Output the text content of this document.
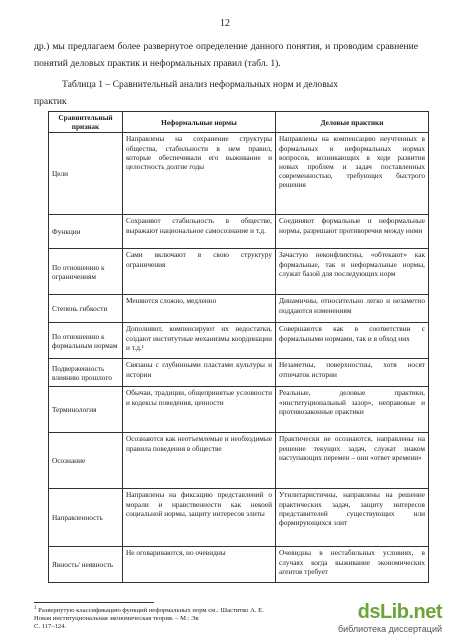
12
др.) мы предлагаем более развернутое определение данного понятия, и проводим сравнение понятий деловых практик и неформальных правил (табл. 1).
Таблица 1 – Сравнительный анализ неформальных норм и деловых
практик
Сравнительный признак	Неформальные нормы	Деловые практики
Цели	Направлены на сохранение структуры общества, стабильности в нем правил, которые обеспечивали его выживание и целостность долгие годы	Направлены на компенсацию неучтенных в формальных и неформальных нормах вопросов, возникающих в ходе развития новых проблем и задач поставленных современностью, требующих быстрого решения
Функции	Сохраняют стабильность в обществе, выражают национальное самосознание и т.д.	Соединяют формальные и неформальные нормы, разрешают противоречия между ними
По отношению к ограничениям	Сами включают в свою структуру ограничения	Зачастую неконфликтны, «обтекают» как формальные, так и неформальные нормы, служат базой для последующих норм
Степень гибкости	Меняются сложно, медленно	Динамичны, относительно легко и незаметно поддаются изменениям
По отношению к формальным нормам	Дополняют, компенсируют их недостатки, создают институтные механизмы координации и т.д.¹	Совершаются как в соответствии с формальными нормами, так и в обход них
Подверженность влиянию прошлого	Связаны с глубинными пластами культуры и истории	Незаметны, поверхностны, хотя носят отпечаток истории
Терминология	Обычаи, традиции, общепринятые условности и кодексы поведения, ценности	Реальные, деловые практики, «институциональный зазор», неправовые и противозаконные практики
Осознание	Осознаются как неотъемлемые и необходимые правила поведения в обществе	Практически не осознаются, направлены на решение текущих задач, служат знаком наступающих перемен – они «ответ времени»
Направленность	Направлены на фиксацию представлений о морали и нравственности как некоей социальной нормы, защиту интересов элиты	Утилитаристичны, направлены на решение практических задач, защиту интересов представителей существующих или формирующихся элит
Явность/ неявность	Не оговариваются, но очевидны	Очевидны в нестабильных условиях, в случаях когда выживание экономических агентов требует
$^1$ Развернутую классификацию функций неформальных норм см.: Шаститко А. Е.
Новая институциональная экономическая теория. – М.: Эк
С. 117–124.
dsLib.net
библиотека диссертаций
